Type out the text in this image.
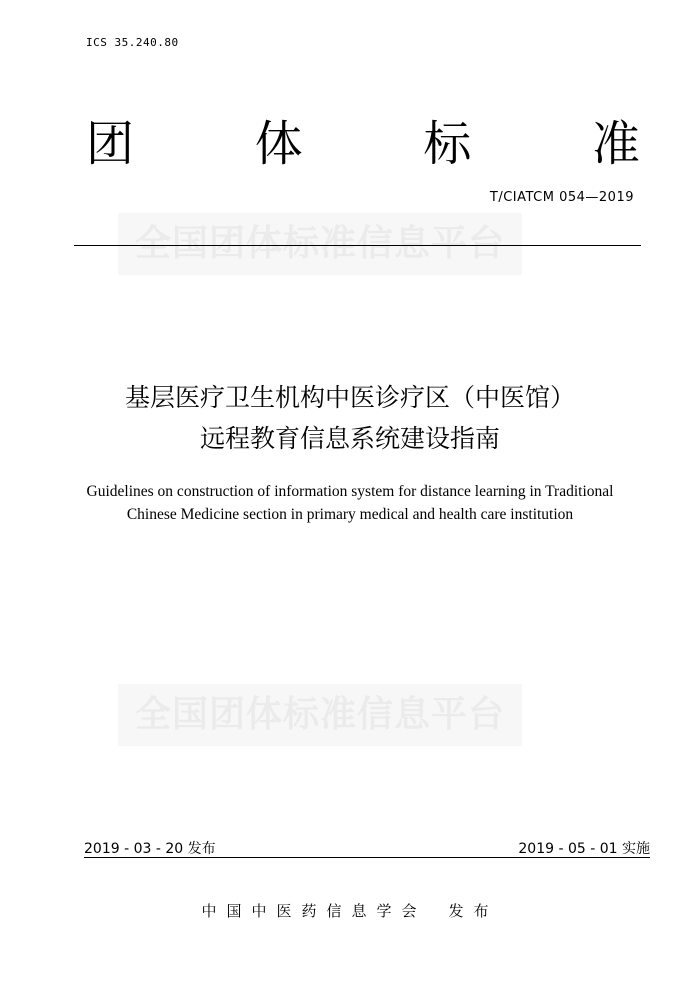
ICS 35.240.80
团	体	标	准
全国团体标准信息平台
T/CIATCM 054—2019
基层医疗卫生机构中医诊疗区（中医馆）
远程教育信息系统建设指南
Guidelines on construction of information system for distance learning in Traditional
Chinese Medicine section in primary medical and health care institution
全国团体标准信息平台
2019 - 03 - 20 发布	2019 - 05 - 01 实施
中国中医药信息学会 发布
